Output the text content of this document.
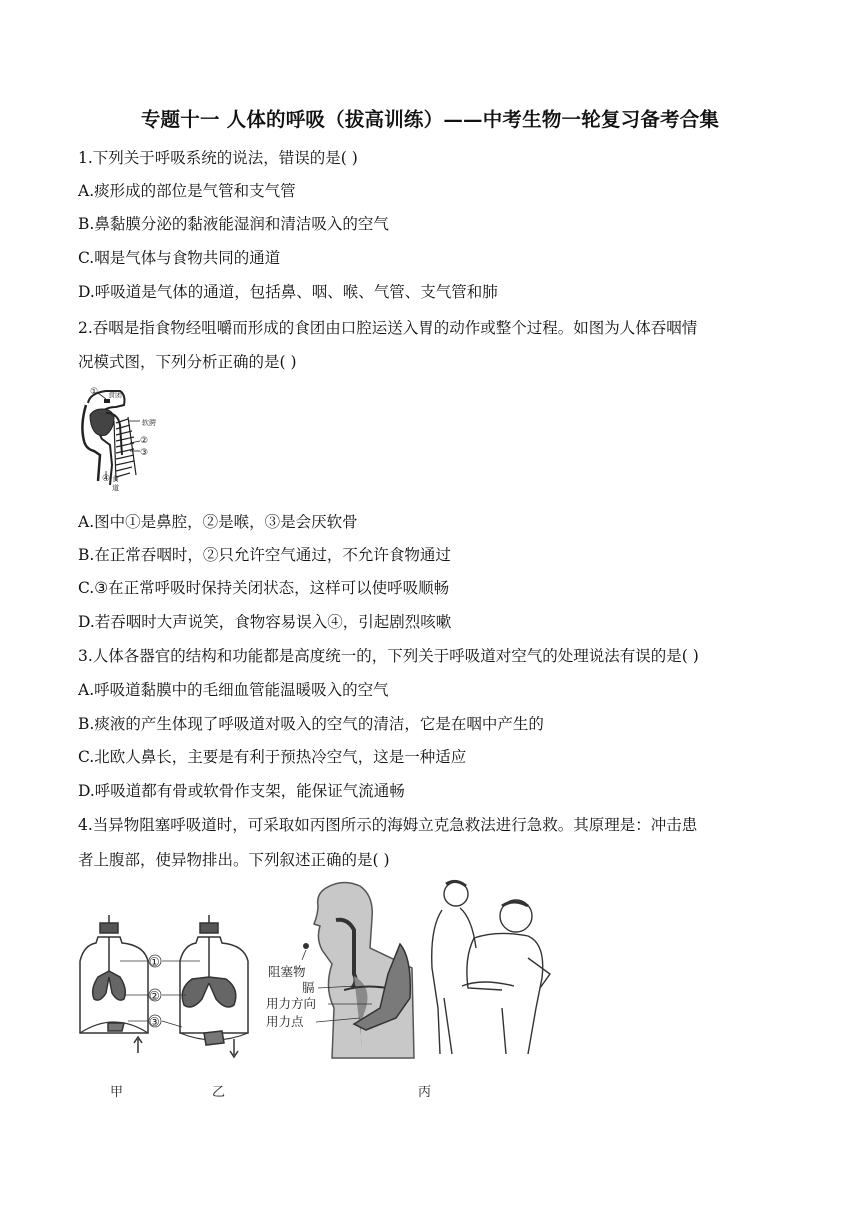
专题十一 人体的呼吸（拔高训练）——中考生物一轮复习备考合集
1.下列关于呼吸系统的说法，错误的是( )
A.痰形成的部位是气管和支气管
B.鼻黏膜分泌的黏液能湿润和清洁吸入的空气
C.咽是气体与食物共同的通道
D.呼吸道是气体的通道，包括鼻、咽、喉、气管、支气管和肺
2.吞咽是指食物经咀嚼而形成的食团由口腔运送入胃的动作或整个过程。如图为人体吞咽情
况模式图，下列分析正确的是( )
① 食团
软腭
②
③
④ 食
道
A.图中①是鼻腔，②是喉，③是会厌软骨
B.在正常吞咽时，②只允许空气通过，不允许食物通过
C.③在正常呼吸时保持关闭状态，这样可以使呼吸顺畅
D.若吞咽时大声说笑，食物容易误入④，引起剧烈咳嗽
3.人体各器官的结构和功能都是高度统一的，下列关于呼吸道对空气的处理说法有误的是( )
A.呼吸道黏膜中的毛细血管能温暖吸入的空气
B.痰液的产生体现了呼吸道对吸入的空气的清洁，它是在咽中产生的
C.北欧人鼻长，主要是有利于预热冷空气，这是一种适应
D.呼吸道都有骨或软骨作支架，能保证气流通畅
4.当异物阻塞呼吸道时，可采取如丙图所示的海姆立克急救法进行急救。其原理是：冲击患
者上腹部，使异物排出。下列叙述正确的是( )
①
②
③
阻塞物
膈
用力方向
用力点
甲	乙	丙
